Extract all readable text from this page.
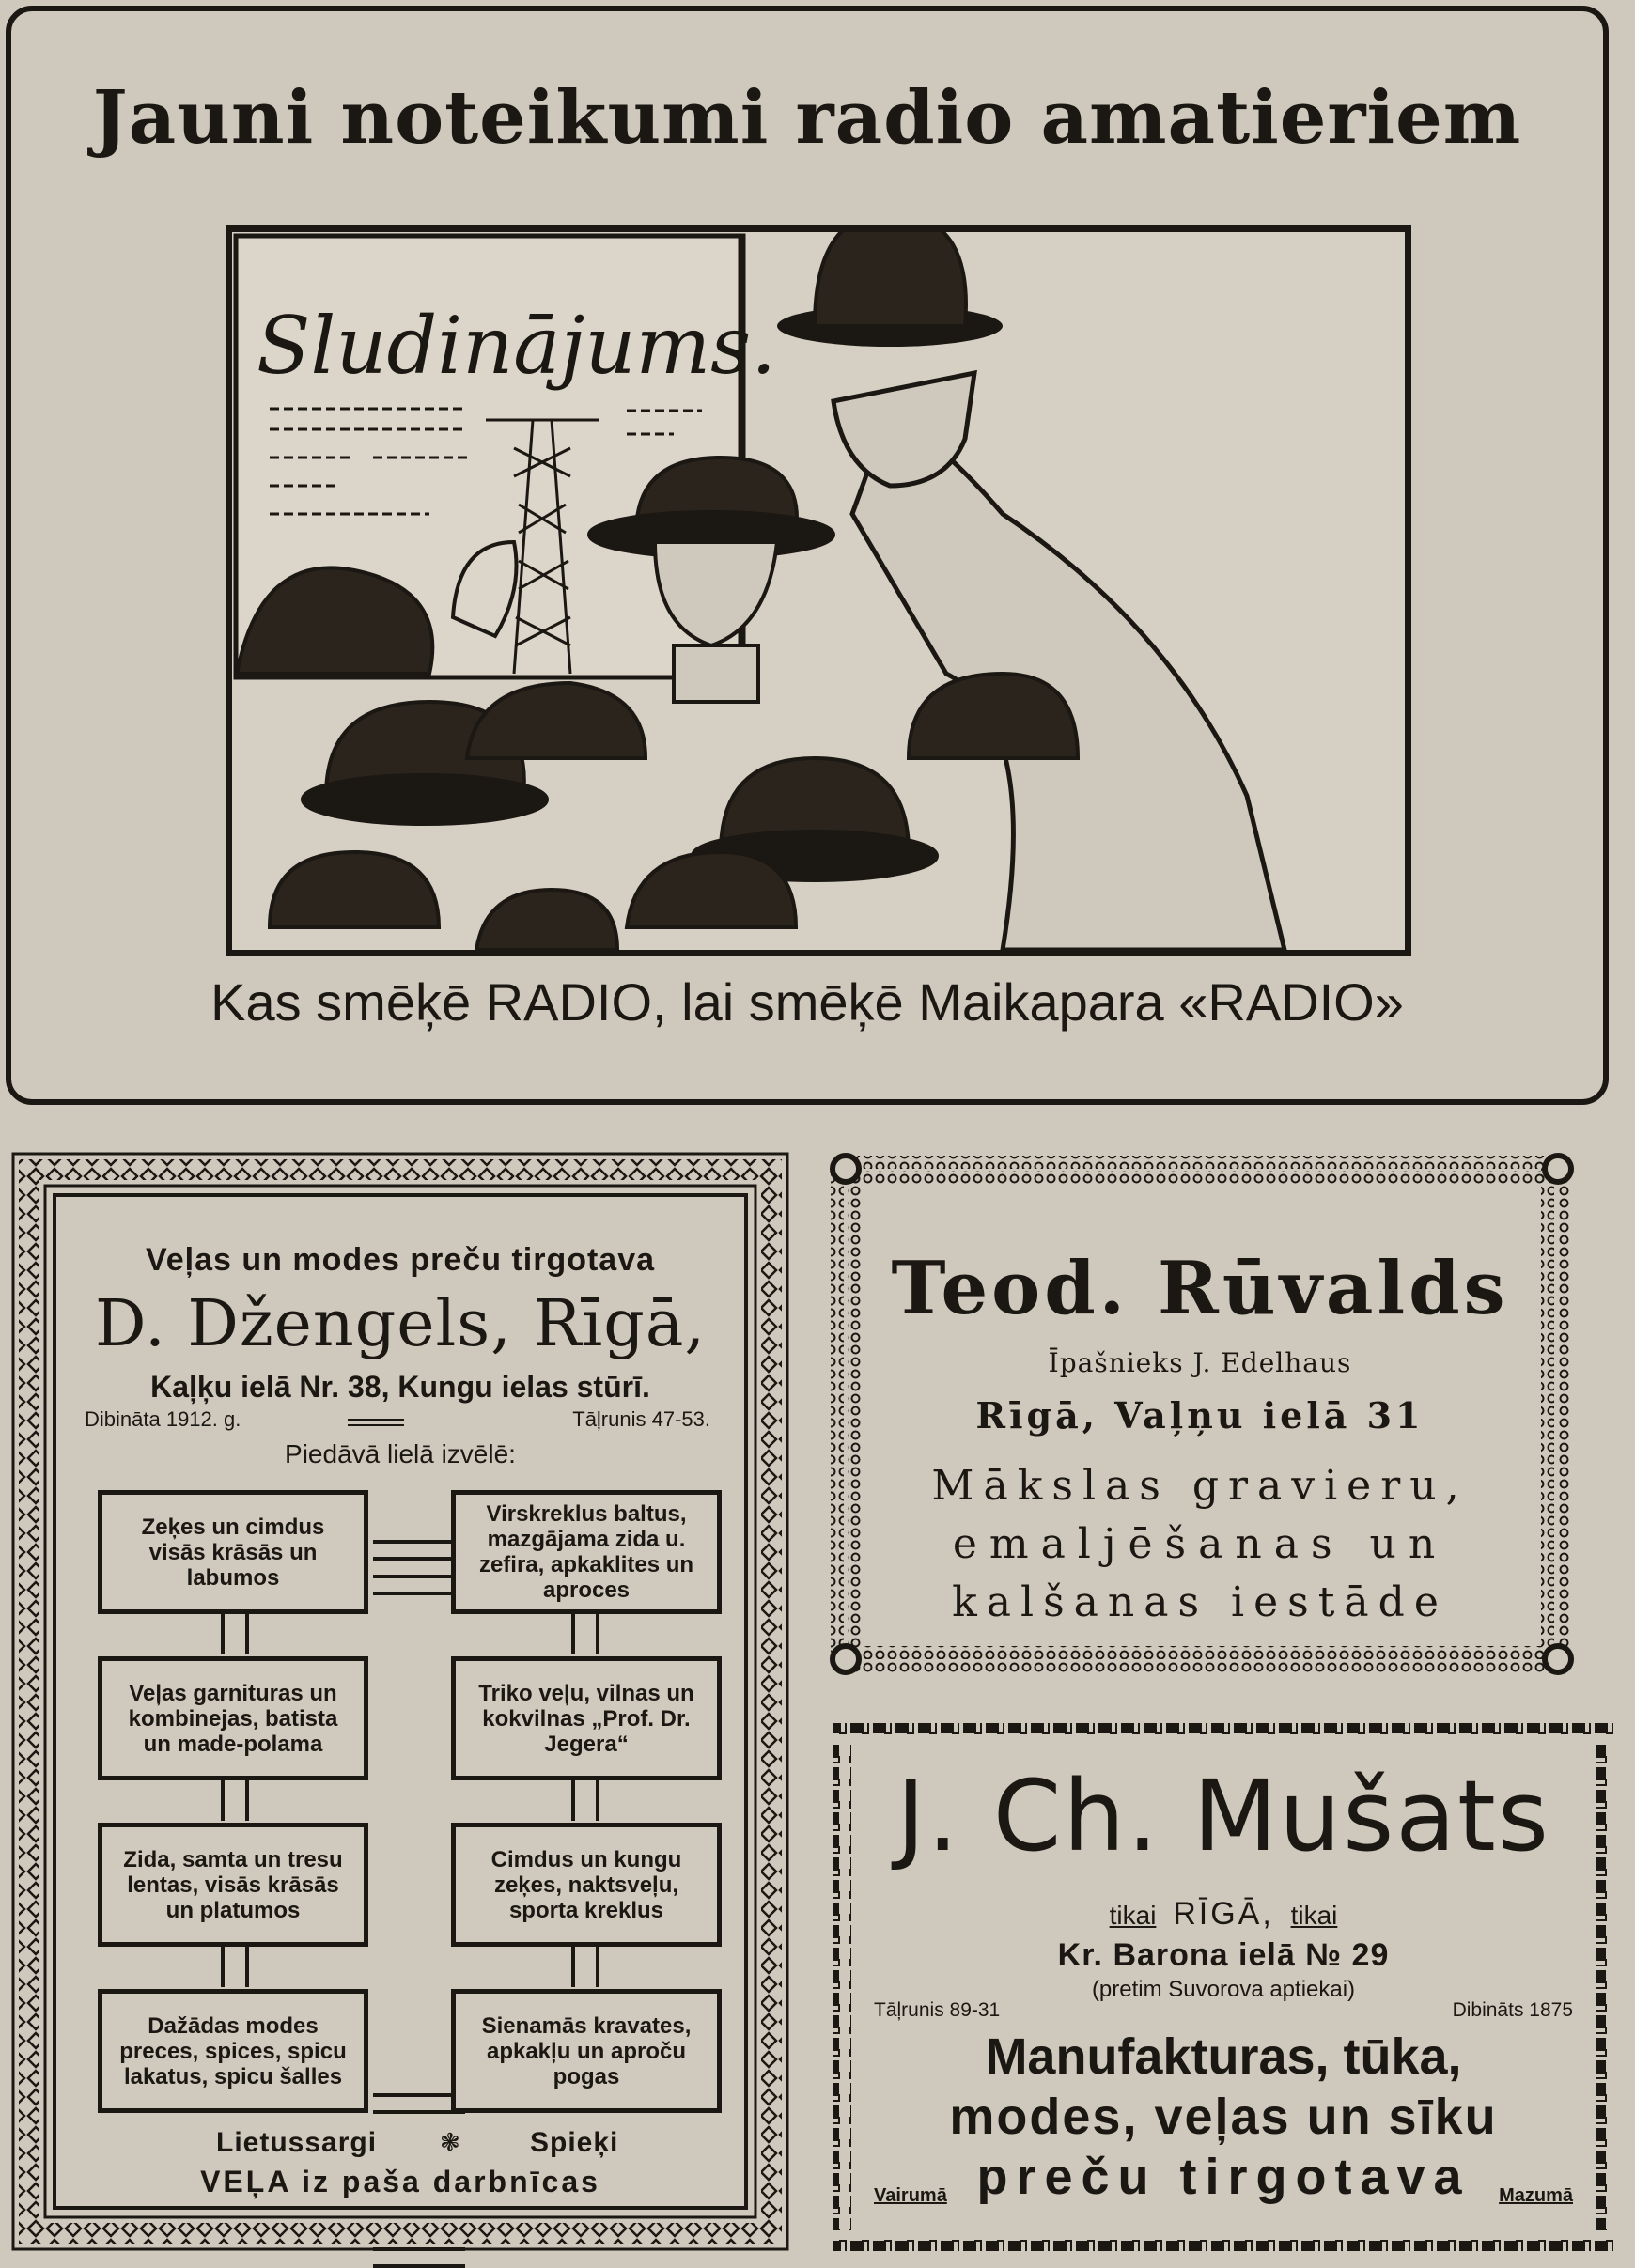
Jauni noteikumi radio amatieriem
Sludinājums.
Kas smēķē RADIO, lai smēķē Maikapara «RADIO»
Veļas un modes preču tirgotava
D. Džengels, Rīgā,
Kaļķu ielā Nr. 38, Kungu ielas stūrī.
Dibināta 1912. g.	Tāļrunis 47-53.
Piedāvā lielā izvēlē:
Zeķes un cimdus visās krāsās un labumos
Virskreklus baltus, mazgājama zida u. zefira, apkaklites un aproces
Veļas garnituras un kombinejas, batista un made-polama
Triko veļu, vilnas un kokvilnas „Prof. Dr. Jegera“
Zida, samta un tresu lentas, visās krāsās un platumos
Cimdus un kungu zeķes, naktsveļu, sporta kreklus
Dažādas modes preces, spices, spicu lakatus, spicu šalles
Sienamās kravates, apkakļu un aproču pogas
Lietussargi	❃ Spieķi
VEĻA iz paša darbnīcas
Teod. Rūvalds
Īpašnieks J. Edelhaus
Rīgā, Vaļņu ielā 31
Mākslas gravieru,
emaljēšanas un
kalšanas iestāde
J. Ch. Mušats
tikai RĪGĀ, tikai
Kr. Barona ielā № 29
(pretim Suvorova aptiekai)
Tāļrunis 89-31	Dibināts 1875
Manufakturas, tūka,
modes, veļas un sīku
preču tirgotava
Vairumā	Mazumā
